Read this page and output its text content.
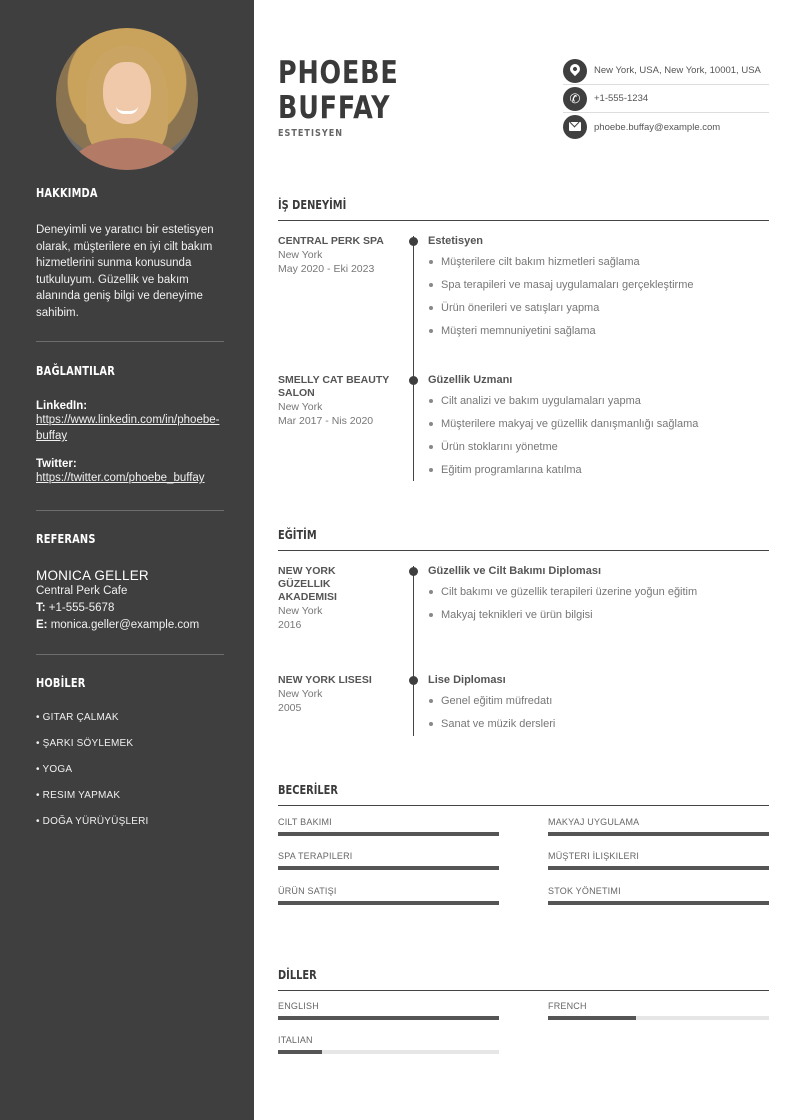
HAKKIMDA
Deneyimli ve yaratıcı bir estetisyen olarak, müşterilere en iyi cilt bakım hizmetlerini sunma konusunda tutkuluyum. Güzellik ve bakım alanında geniş bilgi ve deneyime sahibim.
BAĞLANTILAR
LinkedIn:
https://www.linkedin.com/in/phoebe-buffay
Twitter:
https://twitter.com/phoebe_buffay
REFERANS
MONICA GELLER
Central Perk Cafe
T: +1-555-5678
E: monica.geller@example.com
HOBİLER
• GITAR ÇALMAK
• ŞARKI SÖYLEMEK
• YOGA
• RESIM YAPMAK
• DOĞA YÜRÜYÜŞLERI
PHOEBE
BUFFAY
ESTETISYEN
New York, USA, New York, 10001, USA
✆	+1-555-1234
phoebe.buffay@example.com
İŞ DENEYİMİ
CENTRAL PERK SPA
New York
May 2020 - Eki 2023
Estetisyen
Müşterilere cilt bakım hizmetleri sağlama
Spa terapileri ve masaj uygulamaları gerçekleştirme
Ürün önerileri ve satışları yapma
Müşteri memnuniyetini sağlama
SMELLY CAT BEAUTY SALON
New York
Mar 2017 - Nis 2020
Güzellik Uzmanı
Cilt analizi ve bakım uygulamaları yapma
Müşterilere makyaj ve güzellik danışmanlığı sağlama
Ürün stoklarını yönetme
Eğitim programlarına katılma
EĞİTİM
NEW YORK GÜZELLIK AKADEMISI
New York
2016
Güzellik ve Cilt Bakımı Diploması
Cilt bakımı ve güzellik terapileri üzerine yoğun eğitim
Makyaj teknikleri ve ürün bilgisi
NEW YORK LISESI
New York
2005
Lise Diploması
Genel eğitim müfredatı
Sanat ve müzik dersleri
BECERİLER
CILT BAKIMI	MAKYAJ UYGULAMA
SPA TERAPILERI	MÜŞTERI İLIŞKILERI
ÜRÜN SATIŞI	STOK YÖNETIMI
DİLLER
ENGLISH	FRENCH
ITALIAN
